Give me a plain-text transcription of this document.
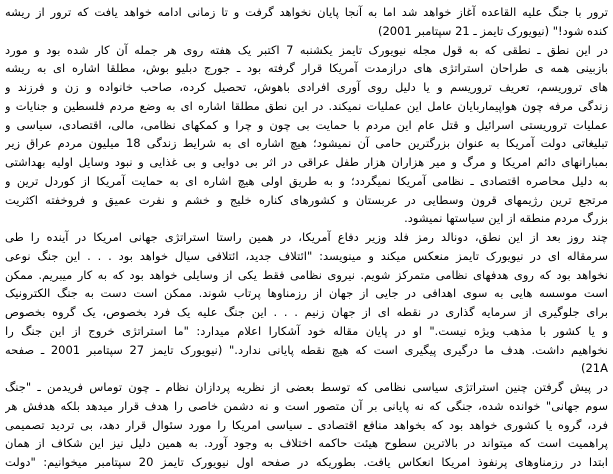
ترور با جنگ علیه القاعده آغاز خواهد شد اما به آنجا پایان نخواهد گرفت و تا زمانی ادامه خواهد یافت که ترور از ریشه
کنده شود!" (نیویورک تایمز ـ 21 سپتامبر 2001)
در این نطق ـ نطقی که به قول مجله نیویورک تایمز یکشنبه 7 اکتبر یک هفته روی هر جمله آن کار شده بود و مورد
بازبینی همه ی طراحان استراتژی های درازمدت آمریکا قرار گرفته بود ـ جورج دبلیو بوش، مطلقا اشاره ای به ریشه
های تروریسم، تعریف تروریسم و یا دلیل روی آوری افرادی باهوش، تحصیل کرده، صاحب خانواده و زن و فرزند و
زندگی مرفه چون هواپیماربایان عامل این عملیات نمیکند. در این نطق مطلقا اشاره ای به وضع مردم فلسطین و جنایات و
عملیات تروریستی اسرائیل و قتل عام این مردم با حمایت بی چون و چرا و کمکهای نظامی، مالی، اقتصادی، سیاسی و
تبلیغاتی دولت آمریکا به عنوان بزرگترین حامی آن نمیشود؛ هیچ اشاره ای به شرایط زندگی 18 میلیون مردم عراق زیر
بمبارانهای دائم امریکا و مرگ و میر هزاران هزار طفل عراقی در اثر بی دوایی و بی غذایی و نبود وسایل اولیه بهداشتی
به دلیل محاصره اقتصادی ـ نظامی آمریکا نمیگردد؛ و به طریق اولی هیچ اشاره ای به حمایت آمریکا از کوردل ترین و
مرتجع ترین رژیمهای قرون وسطایی در عربستان و کشورهای کناره خلیج و خشم و نفرت عمیق و فروخفته اکثریت
بزرگ مردم منطقه از این سیاستها نمیشود.
چند روز بعد از این نطق، دونالد رمز فلد وزیر دفاع آمریکا، در همین راستا استراتژی جهانی امریکا در آینده را طی
سرمقاله ای در نیویورک تایمز منعکس میکند و مینویسد: "ائتلاف جدید، ائتلافی سیال خواهد بود . . . این جنگ نوعی
نخواهد بود که روی هدفهای نظامی متمرکز شویم. نیروی نظامی فقط یکی از وسایلی خواهد بود که به کار میبریم. ممکن
است موسسه هایی به سوی اهدافی در جایی از جهان از رزمناوها پرتاب شوند. ممکن است دست به جنگ الکترونیک
برای جلوگیری از سرمایه گذاری در نقطه ای از جهان زنیم . . . این جنگ علیه یک فرد بخصوص، یک گروه بخصوص
و یا کشور با مذهب ویژه نیست." او در پایان مقاله خود آشکارا اعلام میدارد: "ما استراتژی خروج از این جنگ را
نخواهیم داشت. هدف ما درگیری پیگیری است که هیچ نقطه پایانی ندارد." (نیویورک تایمز 27 سپتامبر 2001 ـ صفحه
21A)
در پیش گرفتن چنین استراتژی سیاسی نظامی که توسط بعضی از نظریه پردازان نظام ـ چون توماس فریدمن ـ "جنگ
سوم جهانی" خوانده شده، جنگی که نه پایانی بر آن متصور است و نه دشمن خاصی را هدف قرار میدهد بلکه هدفش هر
فرد، گروه یا کشوری خواهد بود که بخواهد منافع اقتصادی ـ سیاسی امریکا را مورد سئوال قرار دهد، بی تردید تصمیمی
پراهمیت است که میتواند در بالاترین سطوح هیئت حاکمه اختلاف به وجود آورد. به همین دلیل نیز این شکاف از همان
ابتدا در رزمناوهای پرنفوذ امریکا انعکاس یافت. بطوریکه در صفحه اول نیویورک تایمز 20 سپتامبر میخوانیم: "دولت
